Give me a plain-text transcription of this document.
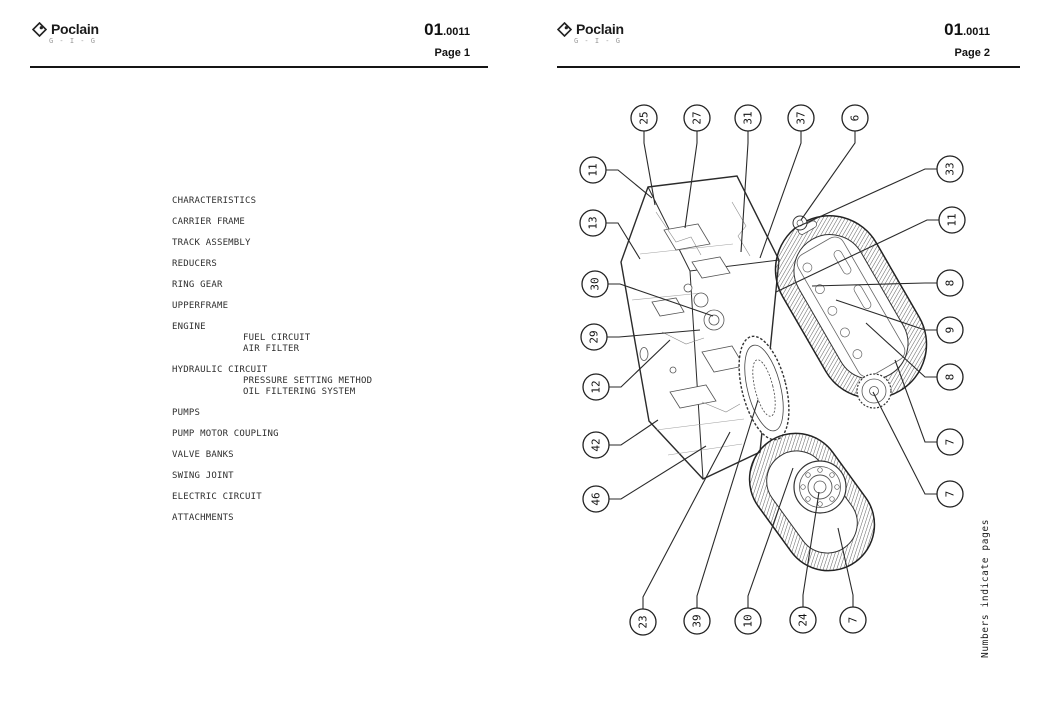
Poclain
G - I - G
01.0011
Page 1
CHARACTERISTICS
CARRIER FRAME
TRACK ASSEMBLY
REDUCERS
RING GEAR
UPPERFRAME
ENGINE
FUEL CIRCUIT
AIR FILTER
HYDRAULIC CIRCUIT
PRESSURE SETTING METHOD
OIL FILTERING SYSTEM
PUMPS
PUMP MOTOR COUPLING
VALVE BANKS
SWING JOINT
ELECTRIC CIRCUIT
ATTACHMENTS
Poclain
G - I - G
01.0011
Page 2
25	27	31	37	6
11
13
30
29
12
42
46
33
11
8
9
8
7
7
23	39	10	24	7	Numbers indicate pages
